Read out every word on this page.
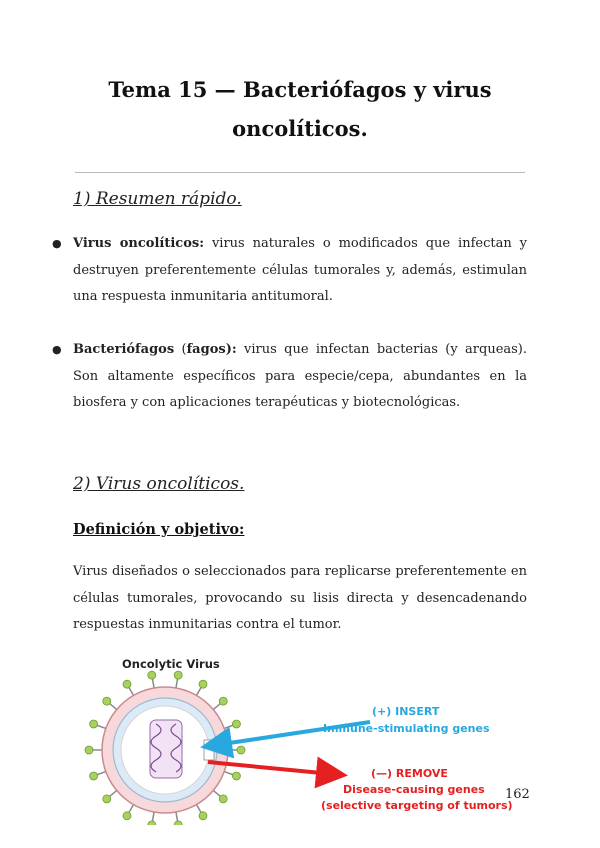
Tema 15 — Bacteriófagos y virus
oncolíticos.
1) Resumen rápido.
● Virus oncolíticos: virus naturales o modificados que infectan y destruyen preferentemente células tumorales y, además, estimulan una respuesta inmunitaria antitumoral.
● Bacteriófagos (fagos): virus que infectan bacterias (y arqueas). Son altamente específicos para especie/cepa, abundantes en la biosfera y con aplicaciones terapéuticas y biotecnológicas.
2) Virus oncolíticos.
Definición y objetivo:
Virus diseñados o seleccionados para replicarse preferentemente en células tumorales, provocando su lisis directa y desencadenando respuestas inmunitarias contra el tumor.
Oncolytic Virus
(+) INSERT
Immune-stimulating genes
(—) REMOVE
Disease-causing genes
(selective targeting of tumors)
162
